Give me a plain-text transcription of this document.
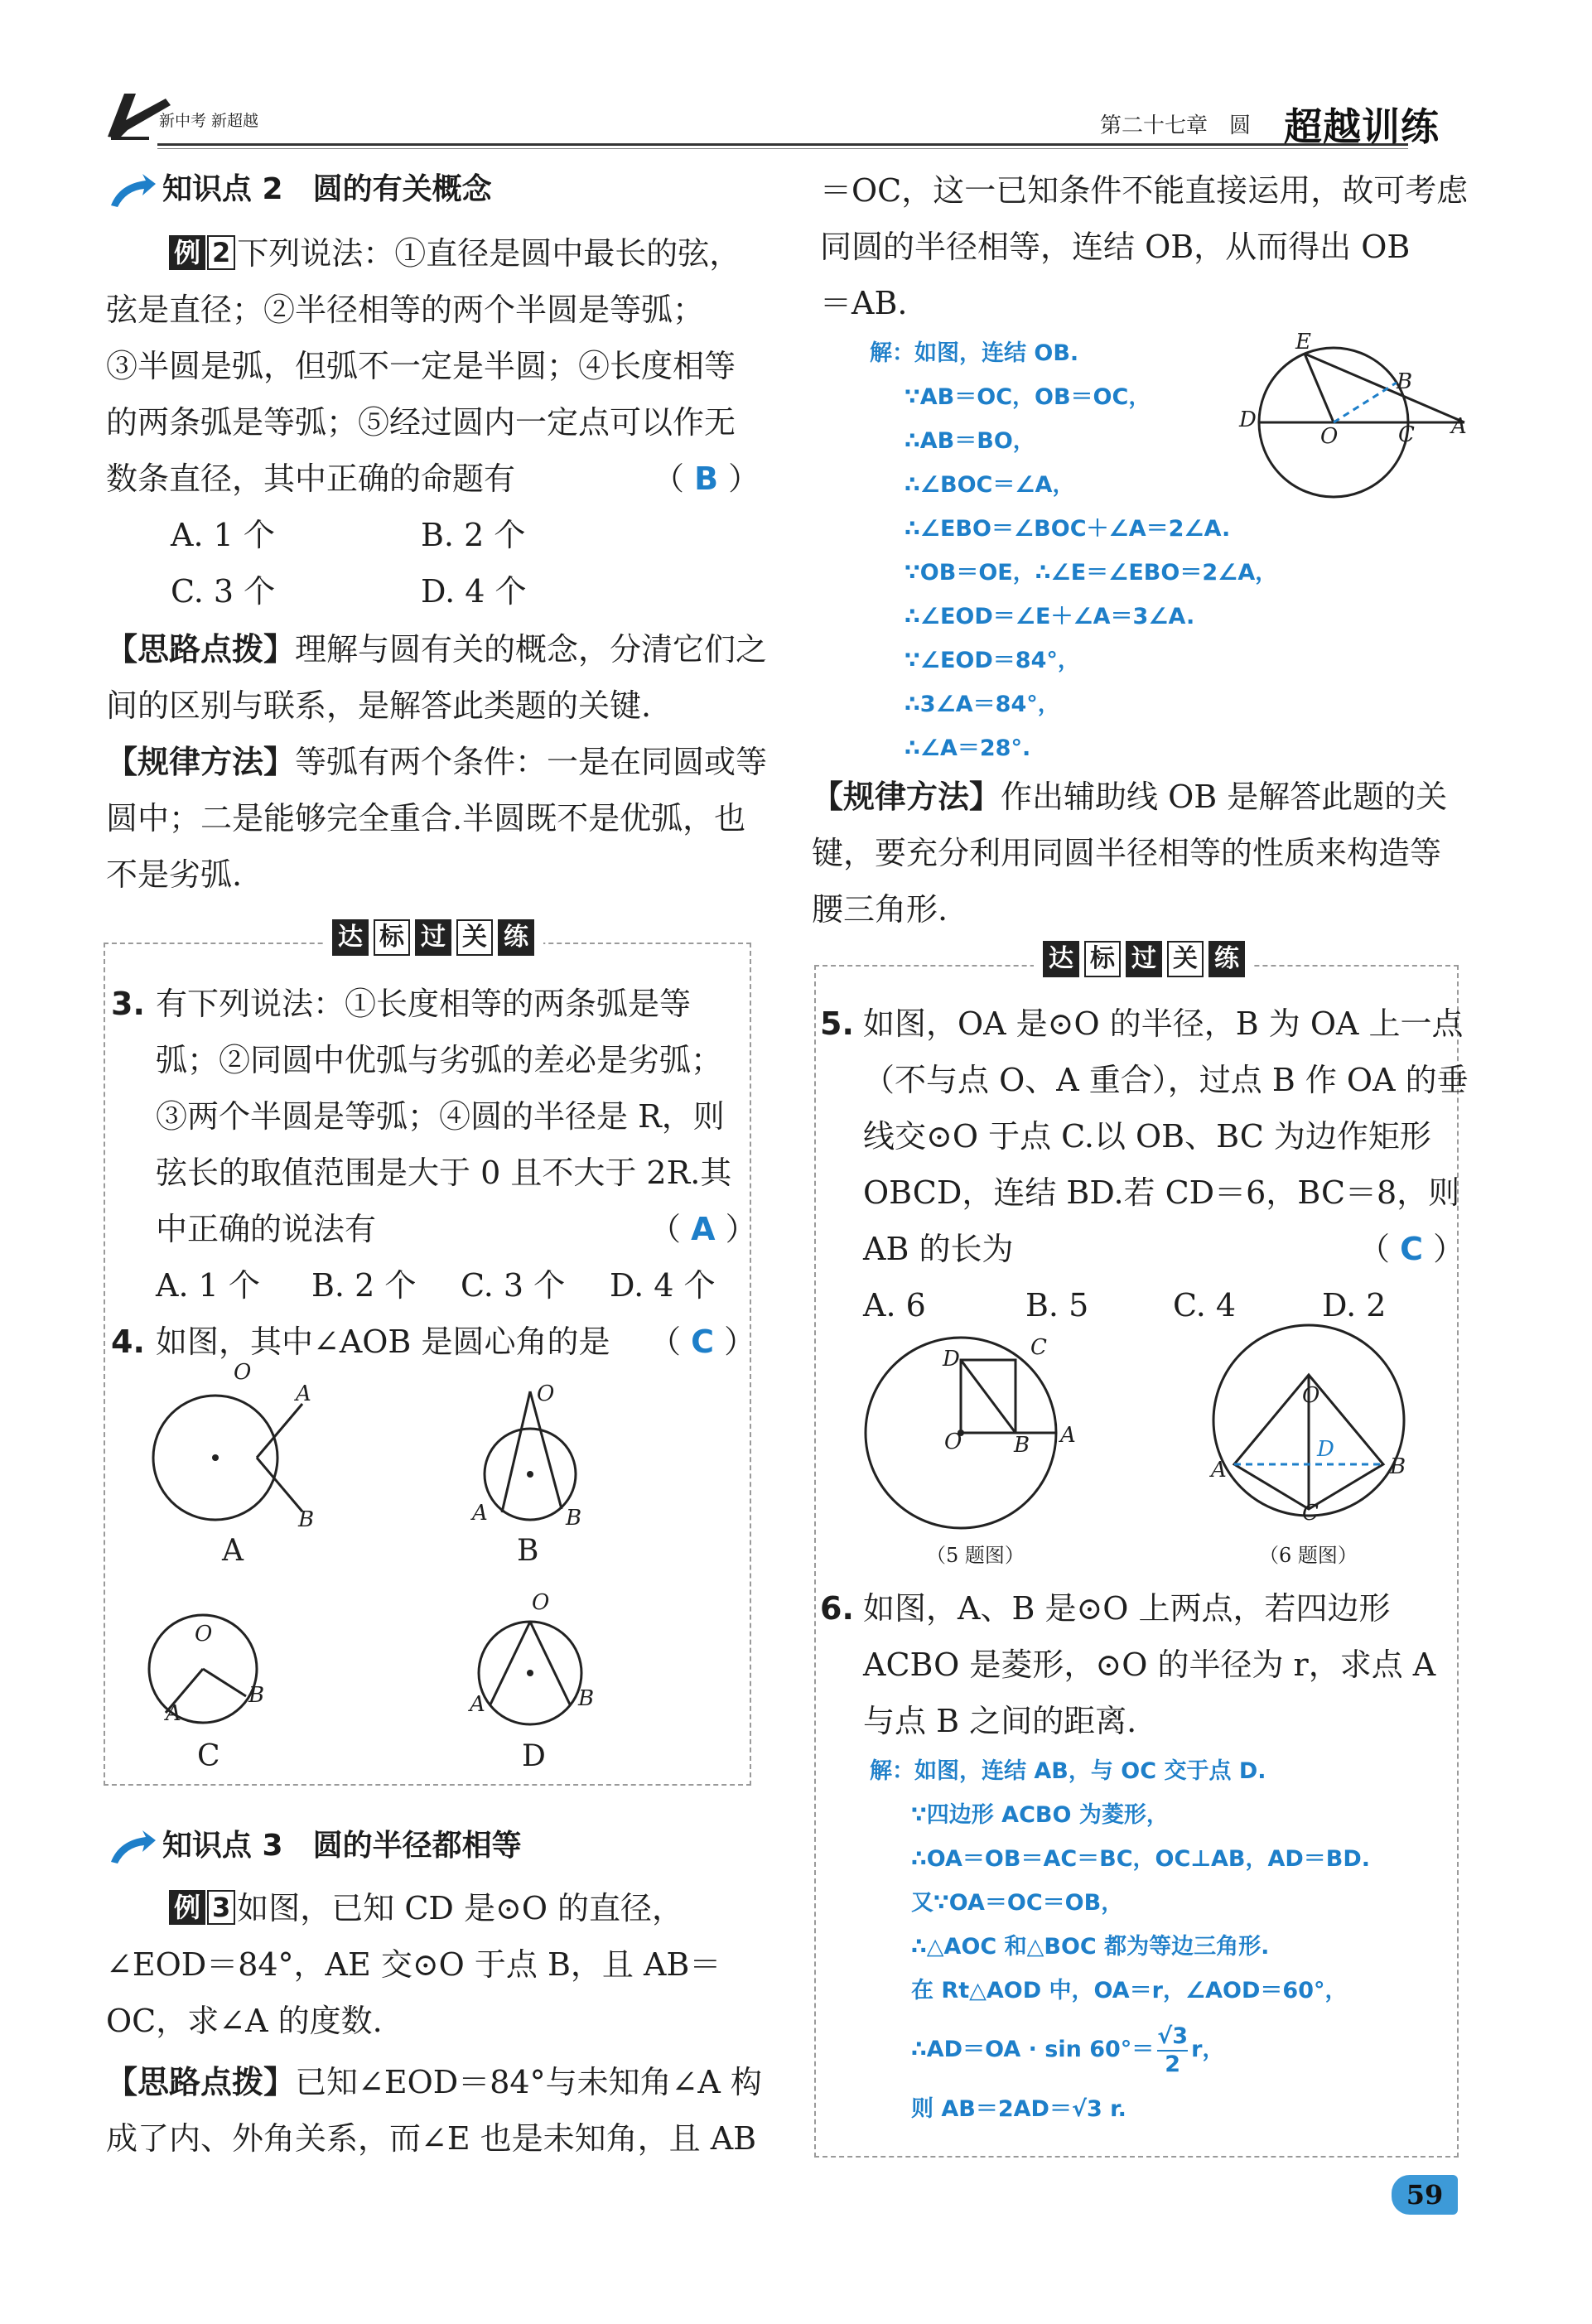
新中考 新超越	第二十七章　圆 超越训练
知识点 2　圆的有关概念
例 2 下列说法：①直径是圆中最长的弦，
弦是直径；②半径相等的两个半圆是等弧；
③半圆是弧，但弧不一定是半圆；④长度相等
的两条弧是等弧；⑤经过圆内一定点可以作无
数条直径，其中正确的命题有	（ B ）
A. 1 个	B. 2 个
C. 3 个	D. 4 个
【思路点拨】理解与圆有关的概念，分清它们之
间的区别与联系，是解答此类题的关键.
【规律方法】等弧有两个条件：一是在同圆或等
圆中；二是能够完全重合.半圆既不是优弧，也
不是劣弧.
达 标 过 关 练
3. 有下列说法：①长度相等的两条弧是等
弧；②同圆中优弧与劣弧的差必是劣弧；
③两个半圆是等弧；④圆的半径是 R，则
弦长的取值范围是大于 0 且不大于 2R.其
中正确的说法有	（ A ）
A. 1 个 B. 2 个 C. 3 个 D. 4 个
4. 如图，其中∠AOB 是圆心角的是 （ C ）
O
A
B
O
A	B
O
A
B
O
A	B
A	B
C	D
知识点 3　圆的半径都相等
例 3 如图，已知 CD 是⊙O 的直径，
∠EOD＝84°，AE 交⊙O 于点 B，且 AB＝
OC，求∠A 的度数.
【思路点拨】已知∠EOD＝84°与未知角∠A 构
成了内、外角关系，而∠E 也是未知角，且 AB
＝OC，这一已知条件不能直接运用，故可考虑
同圆的半径相等，连结 OB，从而得出 OB
＝AB.
解：如图，连结 OB.
∵AB＝OC，OB＝OC，
∴AB＝BO，
∴∠BOC＝∠A，
∴∠EBO＝∠BOC＋∠A＝2∠A.
∵OB＝OE，∴∠E＝∠EBO＝2∠A，
∴∠EOD＝∠E＋∠A＝3∠A.
∵∠EOD＝84°，
∴3∠A＝84°，
∴∠A＝28°.
E
B
D
O	C A
【规律方法】作出辅助线 OB 是解答此题的关
键，要充分利用同圆半径相等的性质来构造等
腰三角形.
达 标 过 关 练
5. 如图，OA 是⊙O 的半径，B 为 OA 上一点
（不与点 O、A 重合），过点 B 作 OA 的垂
线交⊙O 于点 C.以 OB、BC 为边作矩形
OBCD，连结 BD.若 CD＝6，BC＝8，则
AB 的长为	（ C ）
A. 6	B. 5	C. 4	D. 2
D	C
O B A
（5 题图）
O
D
A	B
C
（6 题图）
6. 如图，A、B 是⊙O 上两点，若四边形
ACBO 是菱形，⊙O 的半径为 r，求点 A
与点 B 之间的距离.
解：如图，连结 AB，与 OC 交于点 D.
∵四边形 ACBO 为菱形，
∴OA＝OB＝AC＝BC，OC⊥AB，AD＝BD.
又∵OA＝OC＝OB，
∴△AOC 和△BOC 都为等边三角形.
在 Rt△AOD 中，OA＝r，∠AOD＝60°，
∴AD＝OA · $\sin 60^\circ= \frac{√3}{2}$ r，
则 AB＝2AD＝√3 r.
59
